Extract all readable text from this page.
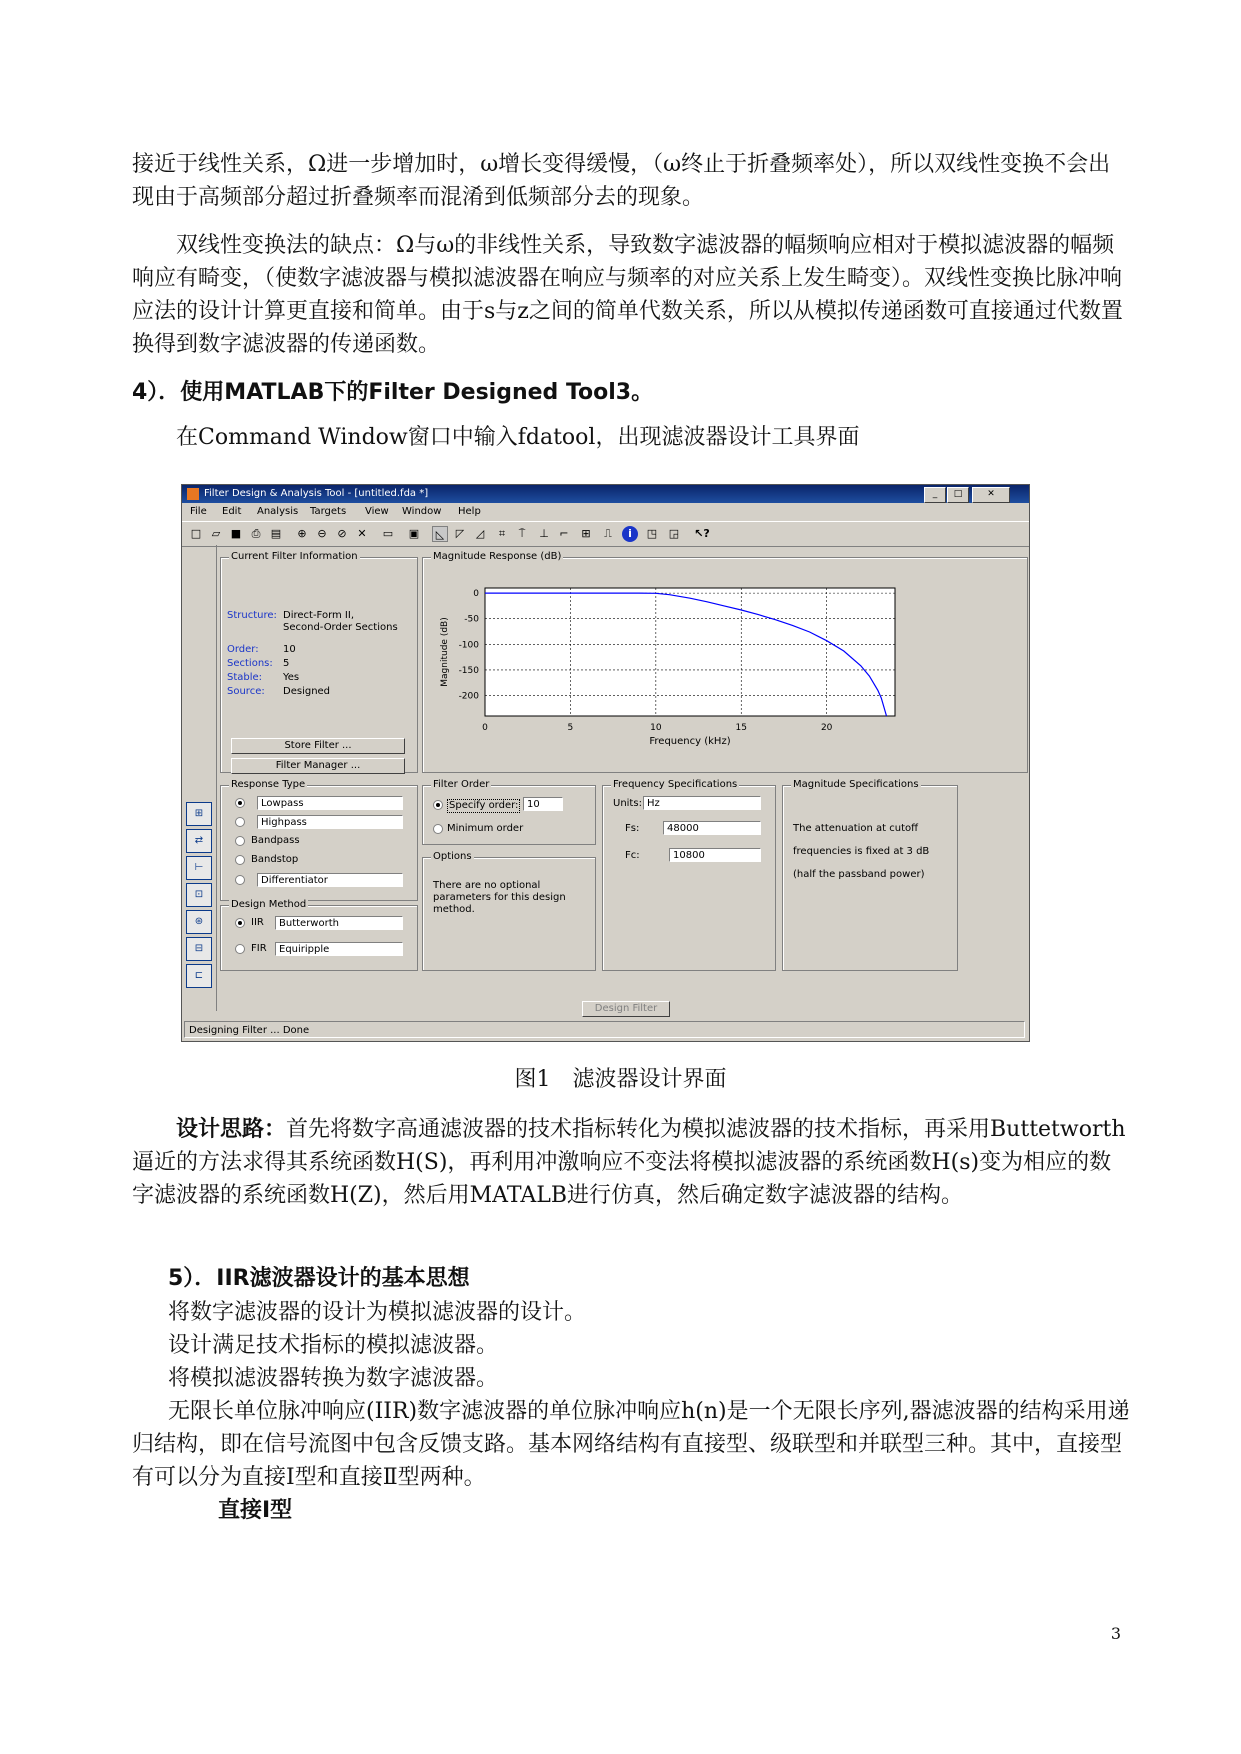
接近于线性关系，Ω进一步增加时，ω增长变得缓慢，（ω终止于折叠频率处），所以双线性变换不会出现由于高频部分超过折叠频率而混淆到低频部分去的现象。

双线性变换法的缺点：Ω与ω的非线性关系，导致数字滤波器的幅频响应相对于模拟滤波器的幅频响应有畸变，（使数字滤波器与模拟滤波器在响应与频率的对应关系上发生畸变）。双线性变换比脉冲响应法的设计计算更直接和简单。由于s与z之间的简单代数关系，所以从模拟传递函数可直接通过代数置换得到数字滤波器的传递函数。

4）．使用MATLAB下的Filter Designed Tool3。

在Command Window窗口中输入fdatool，出现滤波器设计工具界面

Filter Design & Analysis Tool - [untitled.fda *]	_	□	✕
File Edit Analysis Targets View Window Help
□ ▱ ■ ⎙ ▤	⊕ ⊖ ⊘ ✕	▭ ▣	◺	◸	◿	⌗	⍑	⊥ ⌐	⊞	⎍	i	◳ ◲ ↖?
⊞
⇄
⊢
⊡
⊛
⊟
⊏
Current Filter Information
Structure: Direct-Form II,
Second-Order Sections
Order: 10
Sections: 5
Stable: Yes
Source: Designed
Store Filter ...
Filter Manager ...
Magnitude Response (dB)
0	5	10	15	20
0
-50
-100
-150
-200
Frequency (kHz)
Magnitude (dB)
Response Type
Lowpass
Highpass
Bandpass
Bandstop
Differentiator
Design Method
IIR	Butterworth
FIR	Equiripple
Filter Order
Specify order: 10
Minimum order
Options
There are no optional
parameters for this design
method.
Frequency Specifications
Units: Hz
Fs:	48000
Fc:	10800
Magnitude Specifications
The attenuation at cutoff
frequencies is fixed at 3 dB
(half the passband power)
Design Filter
Designing Filter ... Done
图1　滤波器设计界面

设计思路：首先将数字高通滤波器的技术指标转化为模拟滤波器的技术指标，再采用Buttetworth逼近的方法求得其系统函数H(S)，再利用冲激响应不变法将模拟滤波器的系统函数H(s)变为相应的数字滤波器的系统函数H(Z)，然后用MATALB进行仿真，然后确定数字滤波器的结构。

5）．IIR滤波器设计的基本思想

将数字滤波器的设计为模拟滤波器的设计。

设计满足技术指标的模拟滤波器。

将模拟滤波器转换为数字滤波器。

无限长单位脉冲响应(IIR)数字滤波器的单位脉冲响应h(n)是一个无限长序列,器滤波器的结构采用递归结构，即在信号流图中包含反馈支路。基本网络结构有直接型、级联型和并联型三种。其中，直接型有可以分为直接Ⅰ型和直接Ⅱ型两种。

直接Ⅰ型
3
